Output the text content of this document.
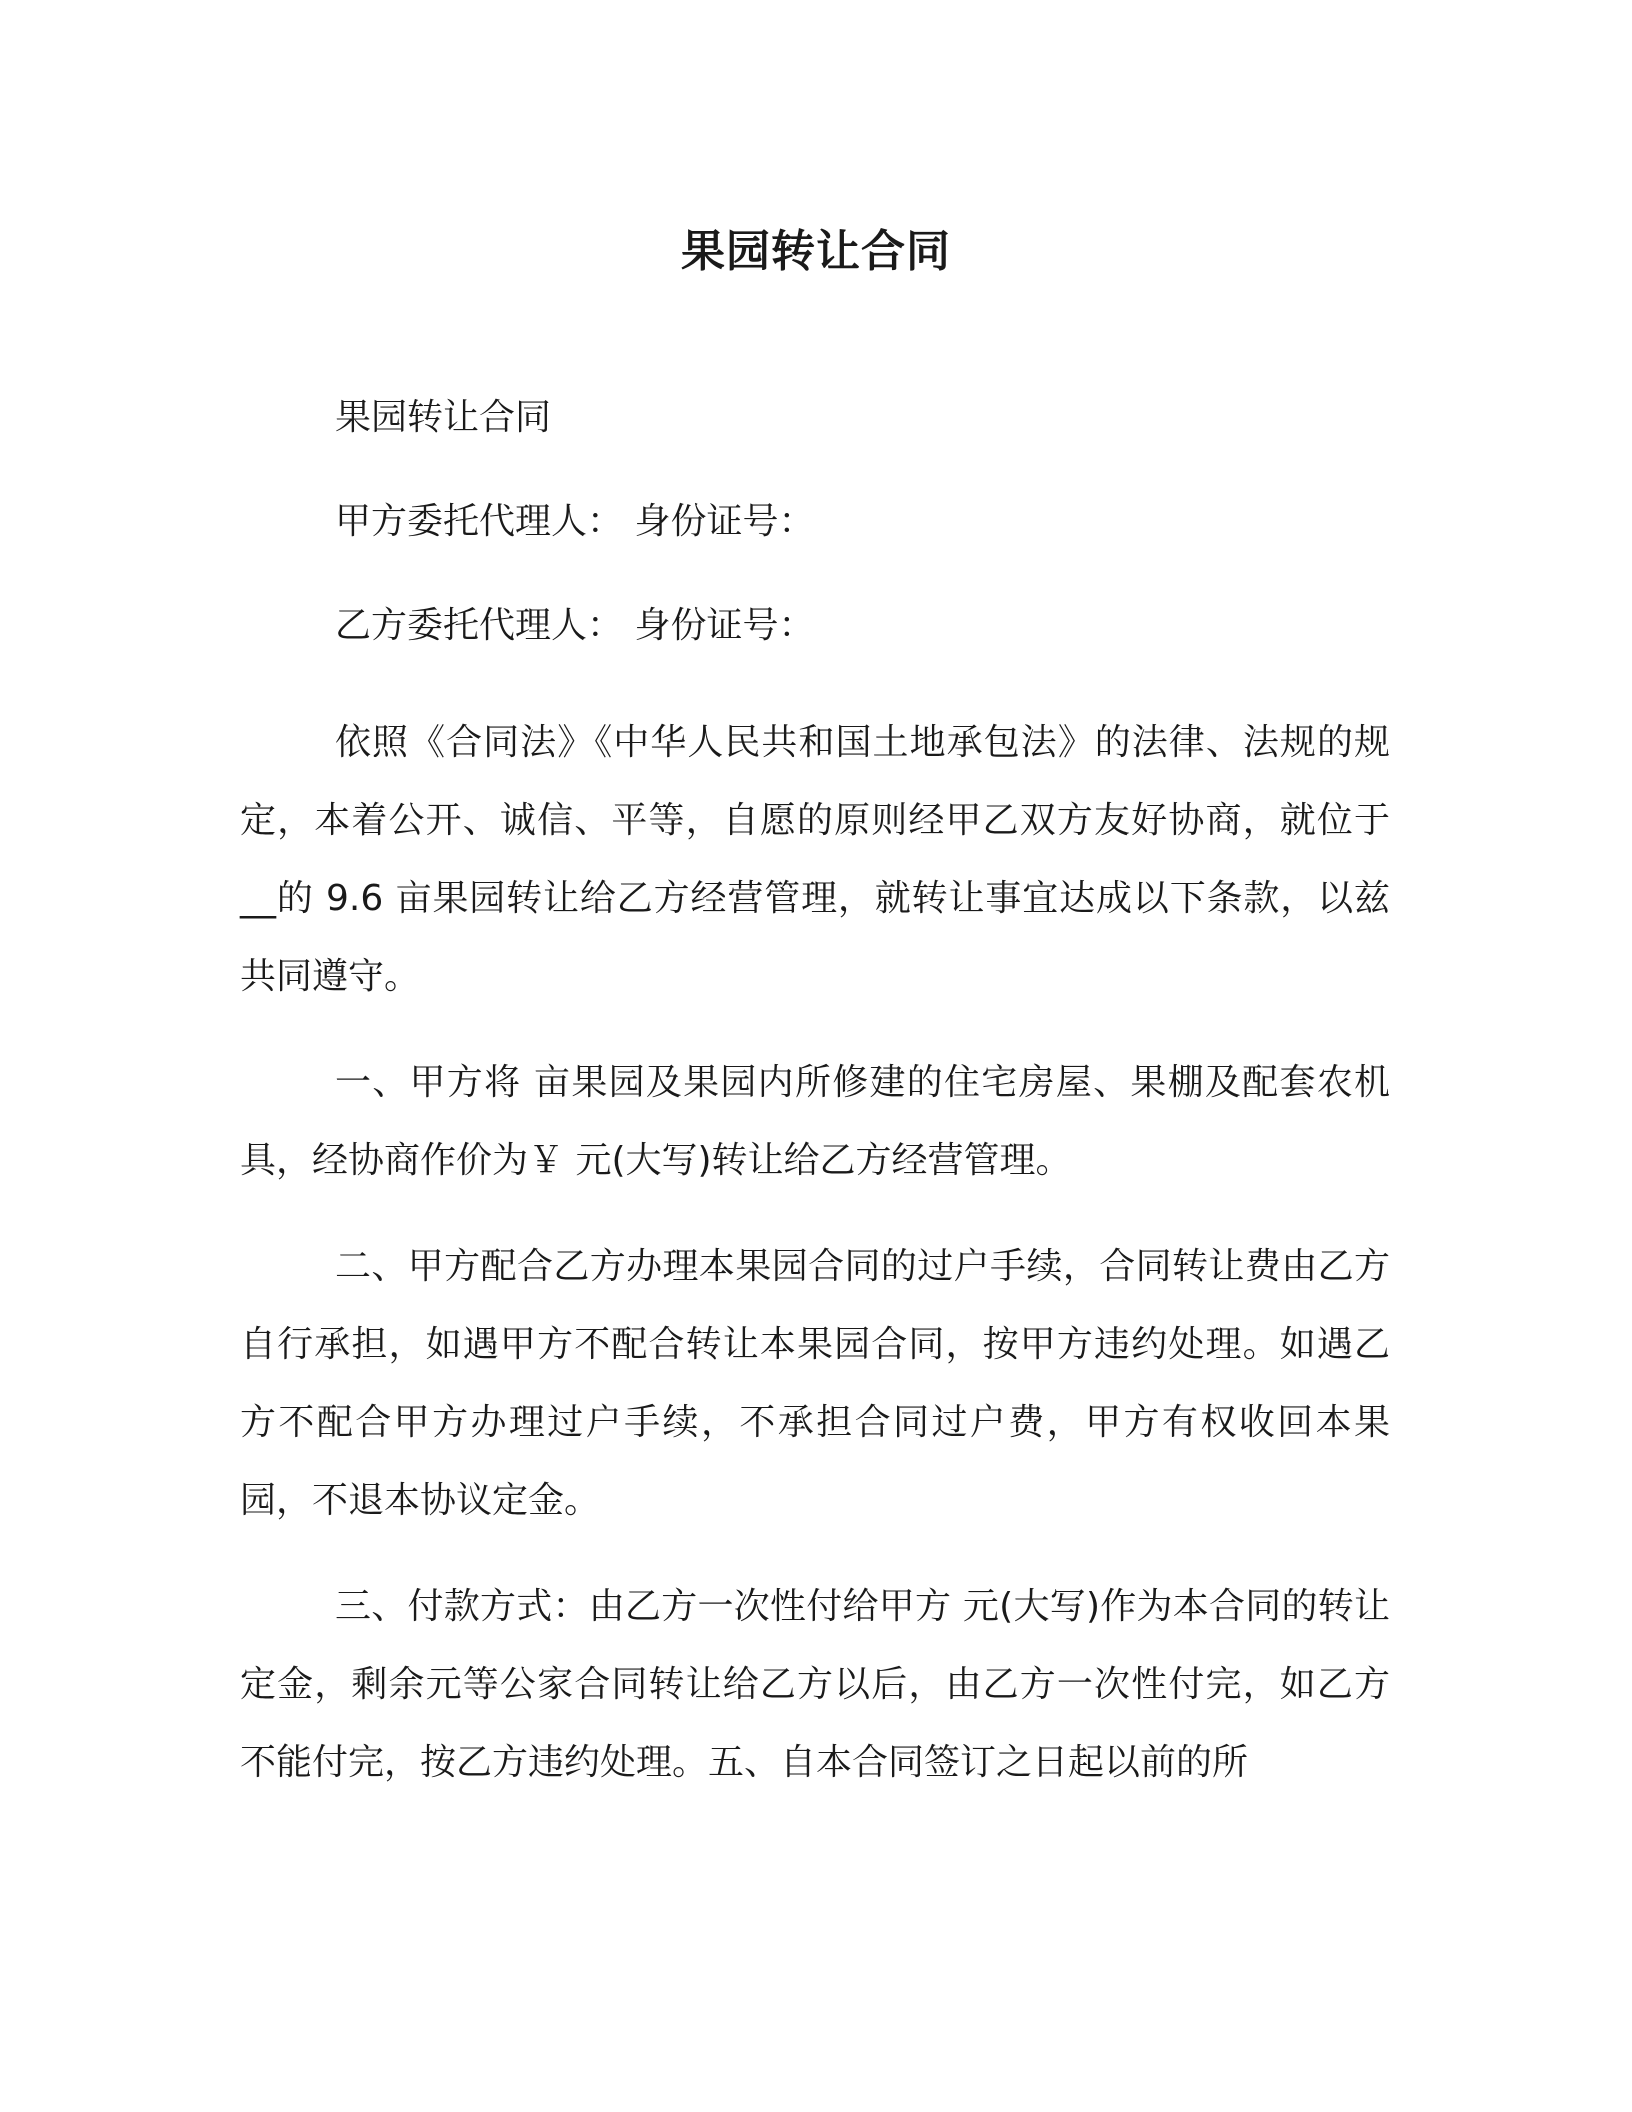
果园转让合同

果园转让合同

甲方委托代理人： 身份证号：

乙方委托代理人： 身份证号：

依照《合同法》《中华人民共和国土地承包法》的法律、法规的规定，本着公开、诚信、平等，自愿的原则经甲乙双方友好协商，就位于__的 9.6 亩果园转让给乙方经营管理，就转让事宜达成以下条款，以兹共同遵守。

一、甲方将 亩果园及果园内所修建的住宅房屋、果棚及配套农机具，经协商作价为￥ 元(大写)转让给乙方经营管理。

二、甲方配合乙方办理本果园合同的过户手续，合同转让费由乙方自行承担，如遇甲方不配合转让本果园合同，按甲方违约处理。如遇乙方不配合甲方办理过户手续，不承担合同过户费，甲方有权收回本果园，不退本协议定金。

三、付款方式：由乙方一次性付给甲方 元(大写)作为本合同的转让定金，剩余元等公家合同转让给乙方以后，由乙方一次性付完，如乙方不能付完，按乙方违约处理。五、自本合同签订之日起以前的所
